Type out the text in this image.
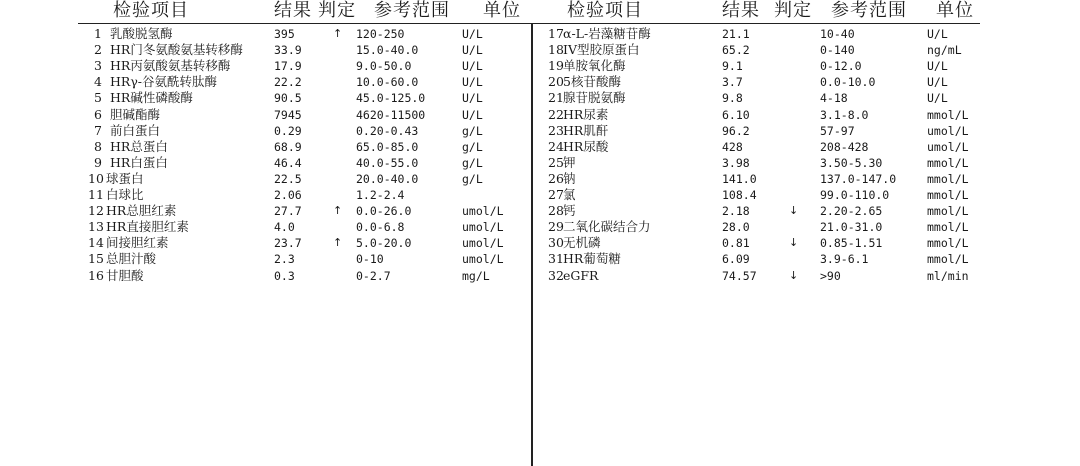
检验项目	结果 判定 参考范围 单位	检验项目	结果 判定 参考范围 单位
1 乳酸脱氢酶	395	↑ 120-250	U/L
2 HR门冬氨酸氨基转移酶	33.9	15.0-40.0	U/L
3 HR丙氨酸氨基转移酶	17.9	9.0-50.0	U/L
4 HRγ-谷氨酰转肽酶	22.2	10.0-60.0	U/L
5 HR碱性磷酸酶	90.5	45.0-125.0	U/L
6 胆碱酯酶	7945	4620-11500	U/L
7 前白蛋白	0.29	0.20-0.43	g/L
8 HR总蛋白	68.9	65.0-85.0	g/L
9 HR白蛋白	46.4	40.0-55.0	g/L
10 球蛋白	22.5	20.0-40.0	g/L
11 白球比	2.06	1.2-2.4
12 HR总胆红素	27.7	↑ 0.0-26.0	umol/L
13 HR直接胆红素	4.0	0.0-6.8	umol/L
14 间接胆红素	23.7	↑ 5.0-20.0	umol/L
15 总胆汁酸	2.3	0-10	umol/L
16 甘胆酸	0.3	0-2.7	mg/L
17 α-L-岩藻糖苷酶	21.1	10-40	U/L
18 IV型胶原蛋白	65.2	0-140	ng/mL
19 单胺氧化酶	9.1	0-12.0	U/L
20 5核苷酸酶	3.7	0.0-10.0	U/L
21 腺苷脱氨酶	9.8	4-18	U/L
22 HR尿素	6.10	3.1-8.0	mmol/L
23 HR肌酐	96.2	57-97	umol/L
24 HR尿酸	428	208-428	umol/L
25 钾	3.98	3.50-5.30	mmol/L
26 钠	141.0	137.0-147.0	mmol/L
27 氯	108.4	99.0-110.0	mmol/L
28 钙	2.18	↓ 2.20-2.65	mmol/L
29 二氧化碳结合力	28.0	21.0-31.0	mmol/L
30 无机磷	0.81	↓ 0.85-1.51	mmol/L
31 HR葡萄糖	6.09	3.9-6.1	mmol/L
32 eGFR	74.57	↓ >90	ml/min
